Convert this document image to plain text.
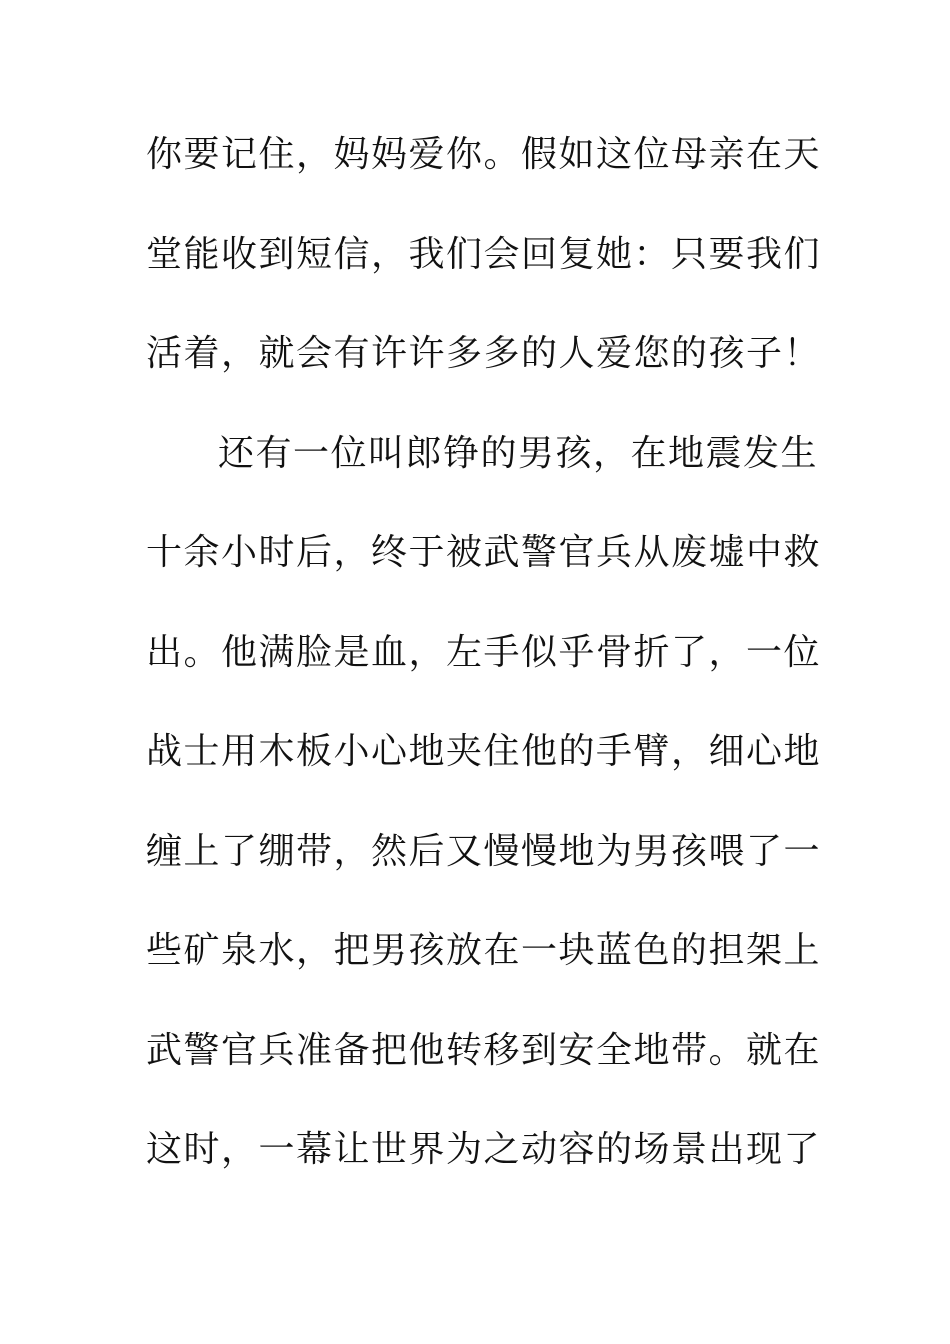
你要记住，妈妈爱你。假如这位母亲在天
堂能收到短信，我们会回复她：只要我们
活着，就会有许许多多的人爱您的孩子！
还有一位叫郎铮的男孩，在地震发生
十余小时后，终于被武警官兵从废墟中救
出。他满脸是血，左手似乎骨折了，一位
战士用木板小心地夹住他的手臂，细心地
缠上了绷带，然后又慢慢地为男孩喂了一
些矿泉水，把男孩放在一块蓝色的担架上
武警官兵准备把他转移到安全地带。就在
这时，一幕让世界为之动容的场景出现了
